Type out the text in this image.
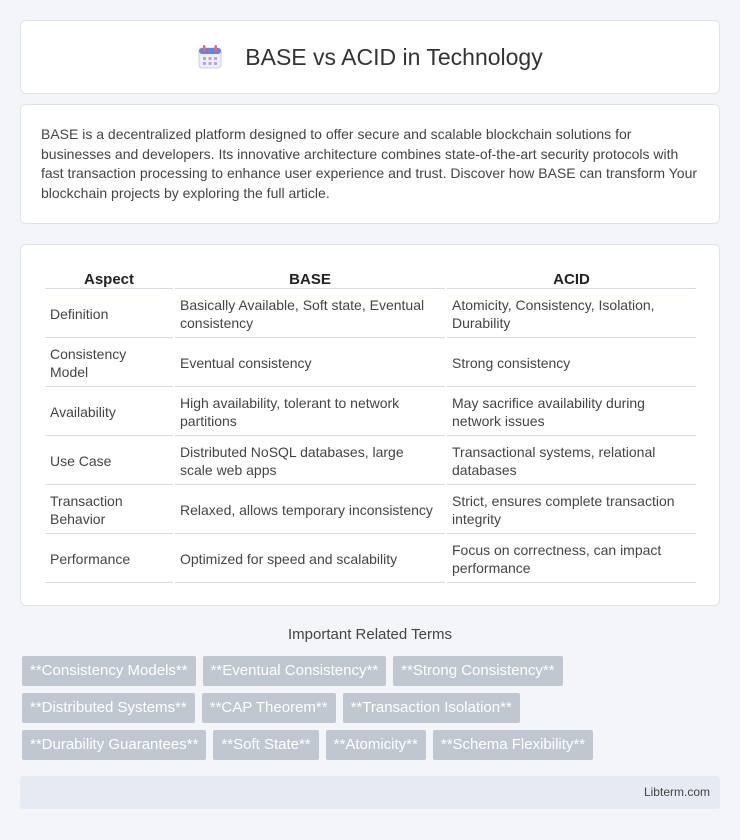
BASE vs ACID in Technology

BASE is a decentralized platform designed to offer secure and scalable blockchain solutions for businesses and developers. Its innovative architecture combines state-of-the-art security protocols with fast transaction processing to enhance user experience and trust. Discover how BASE can transform Your blockchain projects by exploring the full article.

Aspect	BASE	ACID
Definition	Basically Available, Soft state, Eventual consistency	Atomicity, Consistency, Isolation, Durability
Consistency Model	Eventual consistency	Strong consistency
Availability	High availability, tolerant to network partitions	May sacrifice availability during network issues
Use Case	Distributed NoSQL databases, large scale web apps	Transactional systems, relational databases
Transaction Behavior	Relaxed, allows temporary inconsistency	Strict, ensures complete transaction integrity
Performance	Optimized for speed and scalability	Focus on correctness, can impact performance
Important Related Terms
**Consistency Models**	**Eventual Consistency**	**Strong Consistency**
**Distributed Systems**	**CAP Theorem**	**Transaction Isolation**
**Durability Guarantees**	**Soft State**	**Atomicity**	**Schema Flexibility**
Libterm.com
